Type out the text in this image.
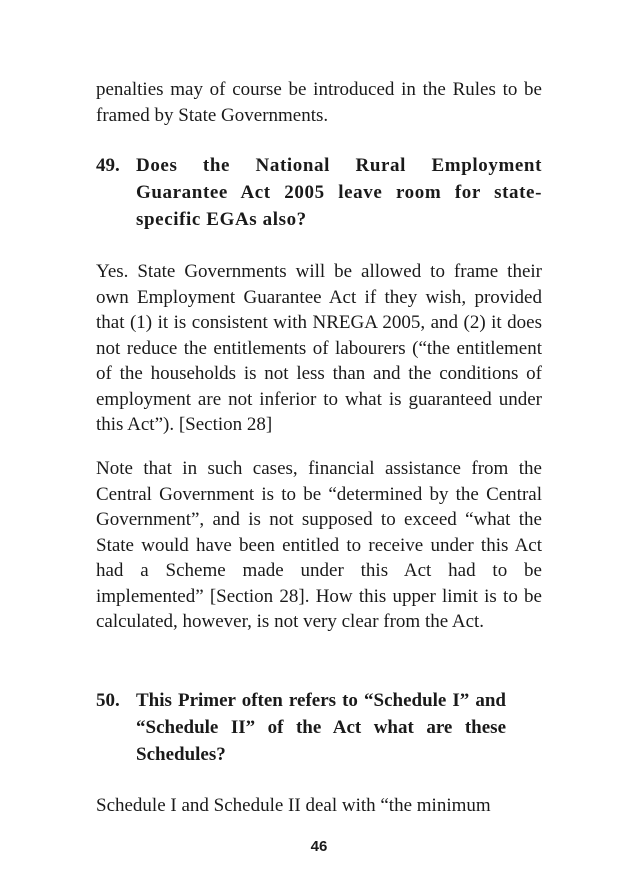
penalties may of course be introduced in the Rules to be framed by State Governments.
49. Does the National Rural Employment Guarantee Act 2005 leave room for state-specific EGAs also?
Yes. State Governments will be allowed to frame their own Employment Guarantee Act if they wish, provided that (1) it is consistent with NREGA 2005, and (2) it does not reduce the entitlements of labourers (“the entitlement of the households is not less than and the conditions of employment are not inferior to what is guaranteed under this Act”). [Section 28]
Note that in such cases, financial assistance from the Central Government is to be “determined by the Central Government”, and is not supposed to exceed “what the State would have been entitled to receive under this Act had a Scheme made under this Act had to be implemented” [Section 28]. How this upper limit is to be calculated, however, is not very clear from the Act.
50. This Primer often refers to “Schedule I” and “Schedule II” of the Act what are these Schedules?
Schedule I and Schedule II deal with “the minimum
46
